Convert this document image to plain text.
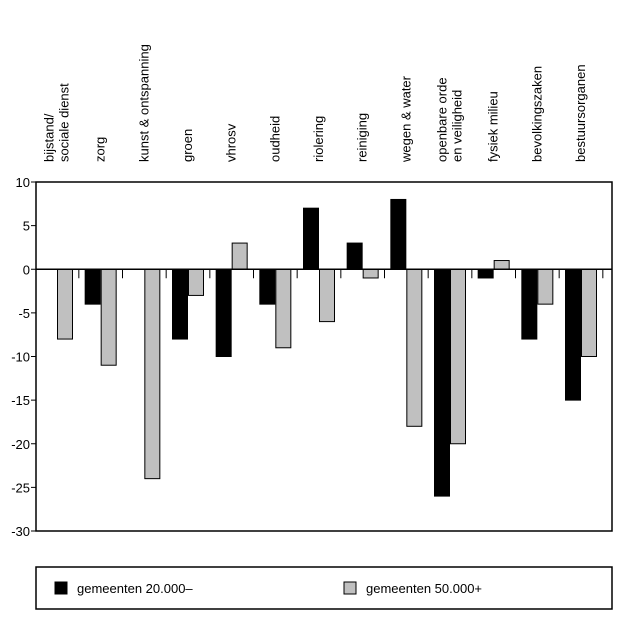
bijstand/ sociale dienst zorg kunst & ontspanning groen vhrosv oudheid riolering reiniging wegen & water openbare orde en veiligheid fysiek milieu bevolkingszaken bestuursorganen
10
5
0
-5
-10
-15
-20
-25
-30
gemeenten 20.000–	gemeenten 50.000+
